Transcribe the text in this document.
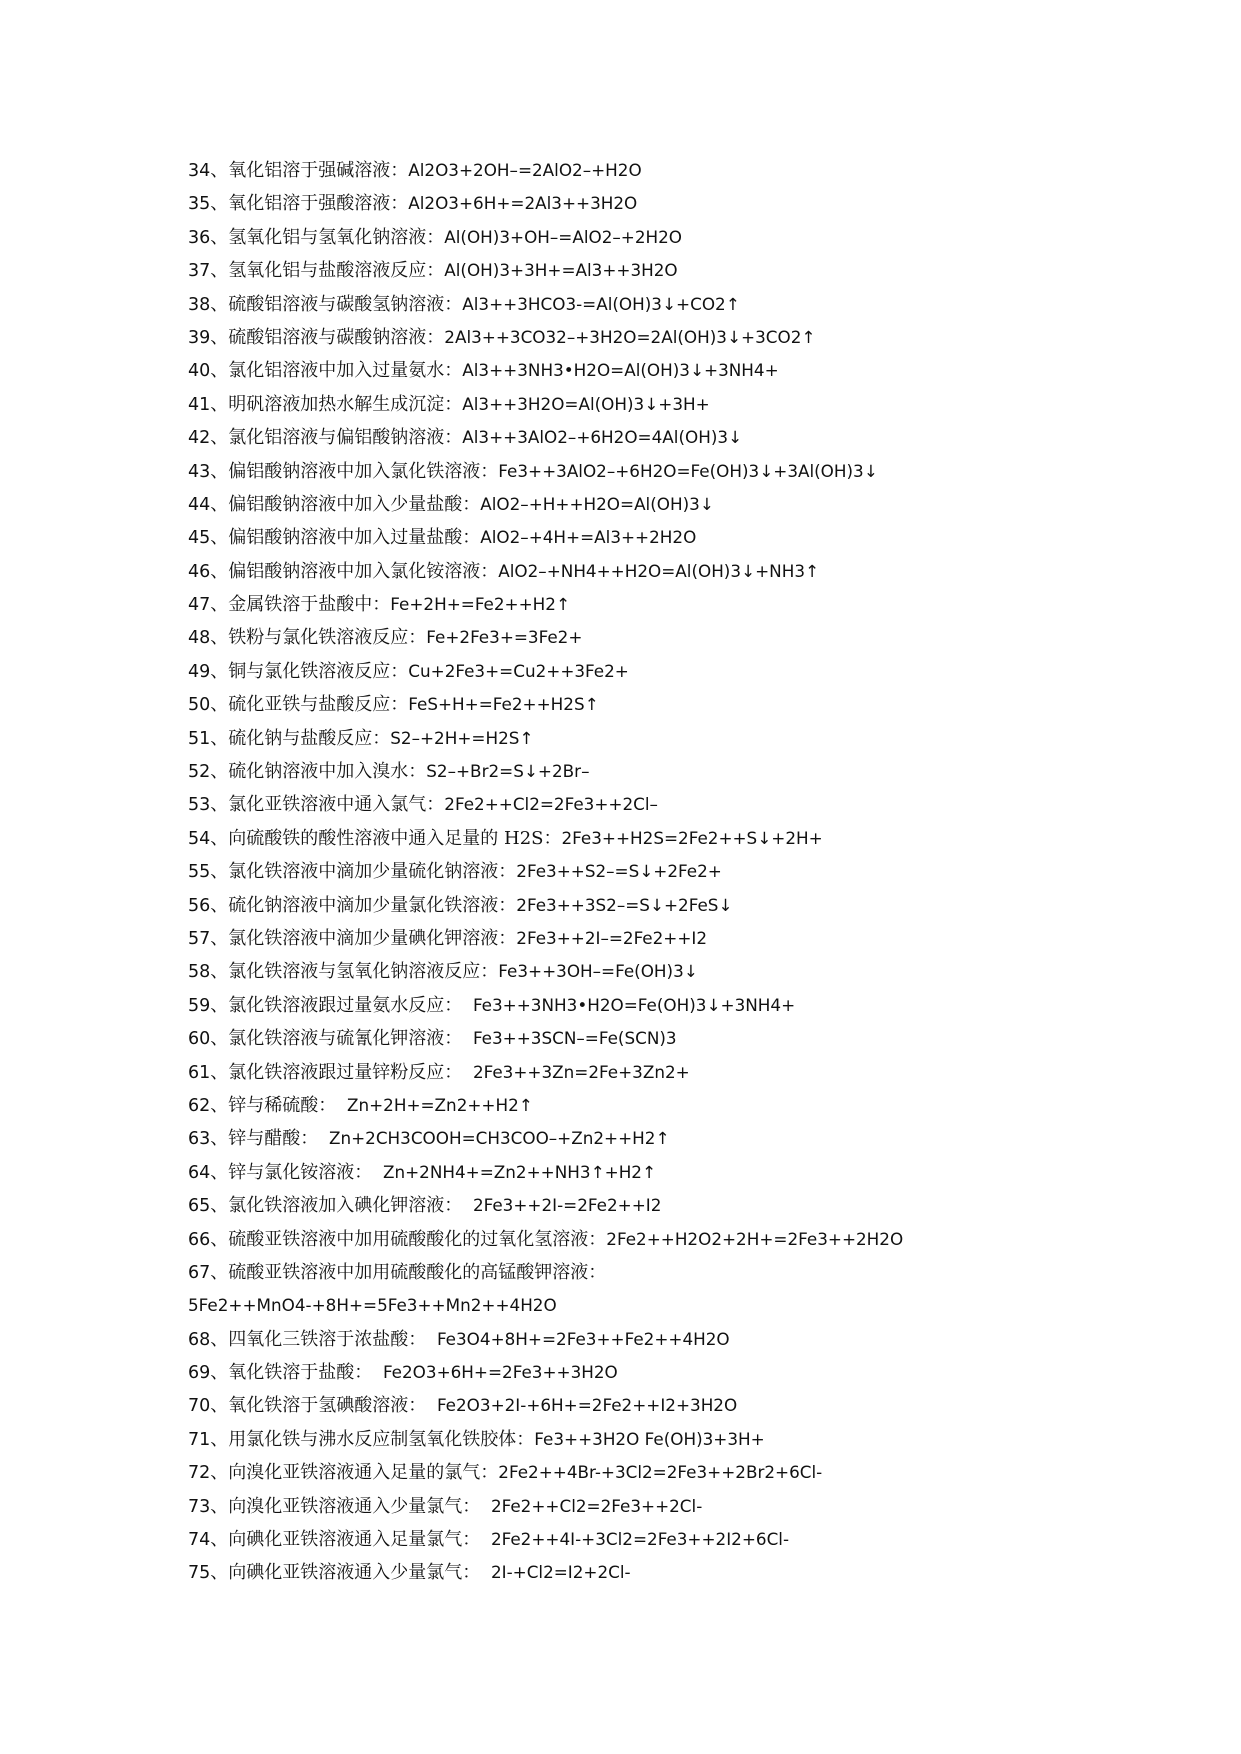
34、氧化铝溶于强碱溶液：Al2O3+2OH–=2AlO2–+H2O
35、氧化铝溶于强酸溶液：Al2O3+6H+=2Al3++3H2O
36、氢氧化铝与氢氧化钠溶液：Al(OH)3+OH–=AlO2–+2H2O
37、氢氧化铝与盐酸溶液反应：Al(OH)3+3H+=Al3++3H2O
38、硫酸铝溶液与碳酸氢钠溶液：Al3++3HCO3-=Al(OH)3↓+CO2↑
39、硫酸铝溶液与碳酸钠溶液：2Al3++3CO32–+3H2O=2Al(OH)3↓+3CO2↑
40、氯化铝溶液中加入过量氨水：Al3++3NH3•H2O=Al(OH)3↓+3NH4+
41、明矾溶液加热水解生成沉淀：Al3++3H2O=Al(OH)3↓+3H+
42、氯化铝溶液与偏铝酸钠溶液：Al3++3AlO2–+6H2O=4Al(OH)3↓
43、偏铝酸钠溶液中加入氯化铁溶液：Fe3++3AlO2–+6H2O=Fe(OH)3↓+3Al(OH)3↓
44、偏铝酸钠溶液中加入少量盐酸：AlO2–+H++H2O=Al(OH)3↓
45、偏铝酸钠溶液中加入过量盐酸：AlO2–+4H+=Al3++2H2O
46、偏铝酸钠溶液中加入氯化铵溶液：AlO2–+NH4++H2O=Al(OH)3↓+NH3↑
47、金属铁溶于盐酸中：Fe+2H+=Fe2++H2↑
48、铁粉与氯化铁溶液反应：Fe+2Fe3+=3Fe2+
49、铜与氯化铁溶液反应：Cu+2Fe3+=Cu2++3Fe2+
50、硫化亚铁与盐酸反应：FeS+H+=Fe2++H2S↑
51、硫化钠与盐酸反应：S2–+2H+=H2S↑
52、硫化钠溶液中加入溴水：S2–+Br2=S↓+2Br–
53、氯化亚铁溶液中通入氯气：2Fe2++Cl2=2Fe3++2Cl–
54、向硫酸铁的酸性溶液中通入足量的 H2S：2Fe3++H2S=2Fe2++S↓+2H+
55、氯化铁溶液中滴加少量硫化钠溶液：2Fe3++S2–=S↓+2Fe2+
56、硫化钠溶液中滴加少量氯化铁溶液：2Fe3++3S2–=S↓+2FeS↓
57、氯化铁溶液中滴加少量碘化钾溶液：2Fe3++2I–=2Fe2++I2
58、氯化铁溶液与氢氧化钠溶液反应：Fe3++3OH–=Fe(OH)3↓
59、氯化铁溶液跟过量氨水反应：  Fe3++3NH3•H2O=Fe(OH)3↓+3NH4+
60、氯化铁溶液与硫氰化钾溶液：  Fe3++3SCN–=Fe(SCN)3
61、氯化铁溶液跟过量锌粉反应：  2Fe3++3Zn=2Fe+3Zn2+
62、锌与稀硫酸：  Zn+2H+=Zn2++H2↑
63、锌与醋酸：  Zn+2CH3COOH=CH3COO–+Zn2++H2↑
64、锌与氯化铵溶液：  Zn+2NH4+=Zn2++NH3↑+H2↑
65、氯化铁溶液加入碘化钾溶液：  2Fe3++2I-=2Fe2++I2
66、硫酸亚铁溶液中加用硫酸酸化的过氧化氢溶液：2Fe2++H2O2+2H+=2Fe3++2H2O
67、硫酸亚铁溶液中加用硫酸酸化的高锰酸钾溶液：
5Fe2++MnO4-+8H+=5Fe3++Mn2++4H2O
68、四氧化三铁溶于浓盐酸：  Fe3O4+8H+=2Fe3++Fe2++4H2O
69、氧化铁溶于盐酸：  Fe2O3+6H+=2Fe3++3H2O
70、氧化铁溶于氢碘酸溶液：  Fe2O3+2I-+6H+=2Fe2++I2+3H2O
71、用氯化铁与沸水反应制氢氧化铁胶体：Fe3++3H2O Fe(OH)3+3H+
72、向溴化亚铁溶液通入足量的氯气：2Fe2++4Br-+3Cl2=2Fe3++2Br2+6Cl-
73、向溴化亚铁溶液通入少量氯气：  2Fe2++Cl2=2Fe3++2Cl-
74、向碘化亚铁溶液通入足量氯气：  2Fe2++4I-+3Cl2=2Fe3++2I2+6Cl-
75、向碘化亚铁溶液通入少量氯气：  2I-+Cl2=I2+2Cl-
